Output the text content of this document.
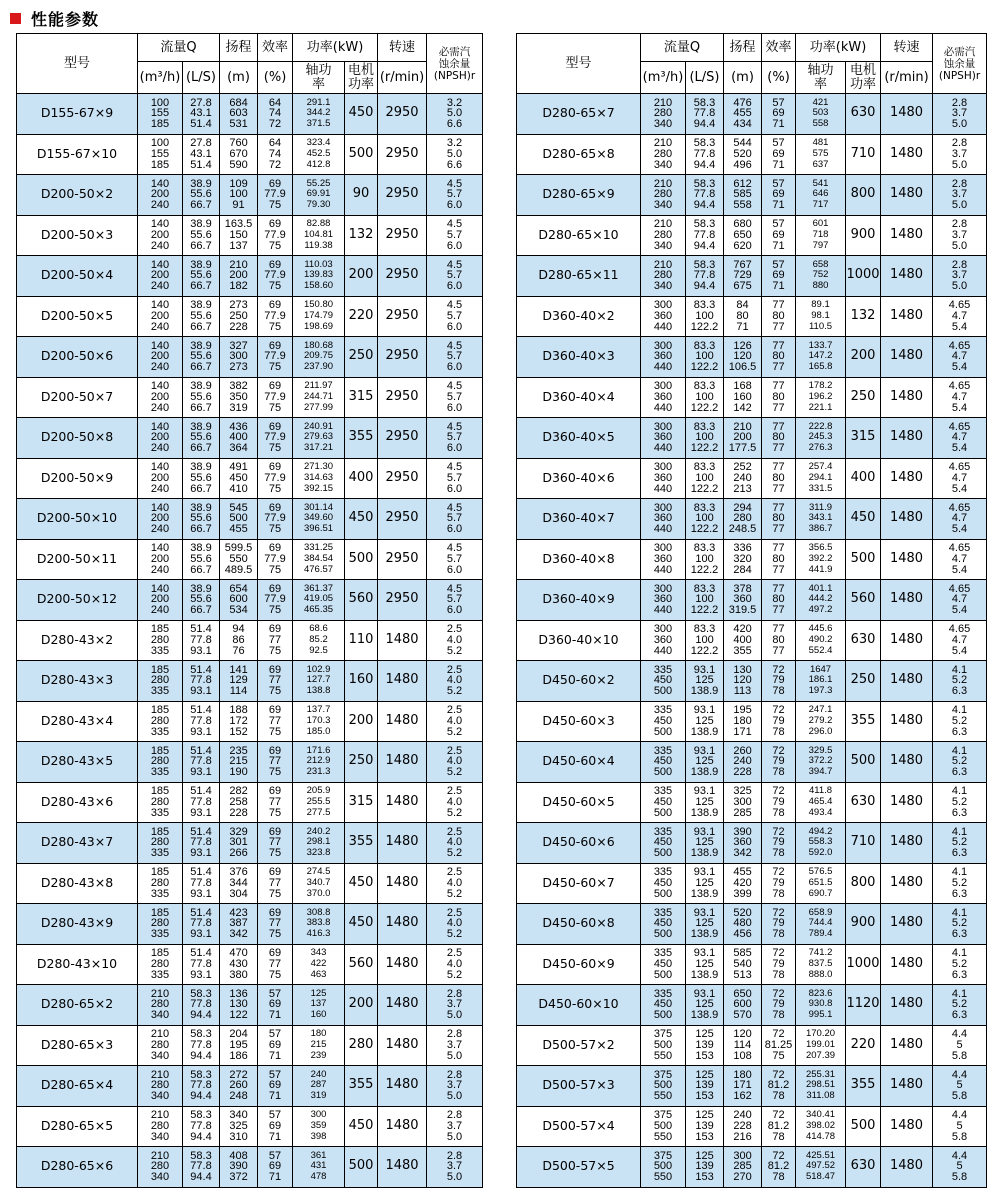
性能参数
型号	流量Q		扬程	效率	功率(kW)		转速	必需汽
蚀余量
(NPSH)r

	(m³/h)	(L/S)	(m)	(%)	轴功率	电机功率	(r/min)	
D155-67×9	100
155
185	27.8
43.1
51.4	684
603
531	64
74
72	291.1
344.2
371.5	450	2950	3.2
5.0
6.6
D155-67×10	100
155
185	27.8
43.1
51.4	760
670
590	64
74
72	323.4
452.5
412.8	500	2950	3.2
5.0
6.6
D200-50×2	140
200
240	38.9
55.6
66.7	109
100
91	69
77.9
75	55.25
69.91
79.30	90	2950	4.5
5.7
6.0
D200-50×3	140
200
240	38.9
55.6
66.7	163.5
150
137	69
77.9
75	82.88
104.81
119.38	132	2950	4.5
5.7
6.0
D200-50×4	140
200
240	38.9
55.6
66.7	210
200
182	69
77.9
75	110.03
139.83
158.60	200	2950	4.5
5.7
6.0
D200-50×5	140
200
240	38.9
55.6
66.7	273
250
228	69
77.9
75	150.80
174.79
198.69	220	2950	4.5
5.7
6.0
D200-50×6	140
200
240	38.9
55.6
66.7	327
300
273	69
77.9
75	180.68
209.75
237.90	250	2950	4.5
5.7
6.0
D200-50×7	140
200
240	38.9
55.6
66.7	382
350
319	69
77.9
75	211.97
244.71
277.99	315	2950	4.5
5.7
6.0
D200-50×8	140
200
240	38.9
55.6
66.7	436
400
364	69
77.9
75	240.91
279.63
317.21	355	2950	4.5
5.7
6.0
D200-50×9	140
200
240	38.9
55.6
66.7	491
450
410	69
77.9
75	271.30
314.63
392.15	400	2950	4.5
5.7
6.0
D200-50×10	140
200
240	38.9
55.6
66.7	545
500
455	69
77.9
75	301.14
349.60
396.51	450	2950	4.5
5.7
6.0
D200-50×11	140
200
240	38.9
55.6
66.7	599.5
550
489.5	69
77.9
75	331.25
384.54
476.57	500	2950	4.5
5.7
6.0
D200-50×12	140
200
240	38.9
55.6
66.7	654
600
534	69
77.9
75	361.37
419.05
465.35	560	2950	4.5
5.7
6.0
D280-43×2	185
280
335	51.4
77.8
93.1	94
86
76	69
77
75	68.6
85.2
92.5	110	1480	2.5
4.0
5.2
D280-43×3	185
280
335	51.4
77.8
93.1	141
129
114	69
77
75	102.9
127.7
138.8	160	1480	2.5
4.0
5.2
D280-43×4	185
280
335	51.4
77.8
93.1	188
172
152	69
77
75	137.7
170.3
185.0	200	1480	2.5
4.0
5.2
D280-43×5	185
280
335	51.4
77.8
93.1	235
215
190	69
77
75	171.6
212.9
231.3	250	1480	2.5
4.0
5.2
D280-43×6	185
280
335	51.4
77.8
93.1	282
258
228	69
77
75	205.9
255.5
277.5	315	1480	2.5
4.0
5.2
D280-43×7	185
280
335	51.4
77.8
93.1	329
301
266	69
77
75	240.2
298.1
323.8	355	1480	2.5
4.0
5.2
D280-43×8	185
280
335	51.4
77.8
93.1	376
344
304	69
77
75	274.5
340.7
370.0	450	1480	2.5
4.0
5.2
D280-43×9	185
280
335	51.4
77.8
93.1	423
387
342	69
77
75	308.8
383.8
416.3	450	1480	2.5
4.0
5.2
D280-43×10	185
280
335	51.4
77.8
93.1	470
430
380	69
77
75	343
422
463	560	1480	2.5
4.0
5.2
D280-65×2	210
280
340	58.3
77.8
94.4	136
130
122	57
69
71	125
137
160	200	1480	2.8
3.7
5.0
D280-65×3	210
280
340	58.3
77.8
94.4	204
195
186	57
69
71	180
215
239	280	1480	2.8
3.7
5.0
D280-65×4	210
280
340	58.3
77.8
94.4	272
260
248	57
69
71	240
287
319	355	1480	2.8
3.7
5.0
D280-65×5	210
280
340	58.3
77.8
94.4	340
325
310	57
69
71	300
359
398	450	1480	2.8
3.7
5.0
D280-65×6	210
280
340	58.3
77.8
94.4	408
390
372	57
69
71	361
431
478	500	1480	2.8
3.7
5.0
型号	流量Q		扬程	效率	功率(kW)		转速	必需汽
蚀余量
(NPSH)r

	(m³/h)	(L/S)	(m)	(%)	轴功率	电机功率	(r/min)	
D280-65×7	210
280
340	58.3
77.8
94.4	476
455
434	57
69
71	421
503
558	630	1480	2.8
3.7
5.0
D280-65×8	210
280
340	58.3
77.8
94.4	544
520
496	57
69
71	481
575
637	710	1480	2.8
3.7
5.0
D280-65×9	210
280
340	58.3
77.8
94.4	612
585
558	57
69
71	541
646
717	800	1480	2.8
3.7
5.0
D280-65×10	210
280
340	58.3
77.8
94.4	680
650
620	57
69
71	601
718
797	900	1480	2.8
3.7
5.0
D280-65×11	210
280
340	58.3
77.8
94.4	767
729
675	57
69
71	658
752
880	1000	1480	2.8
3.7
5.0
D360-40×2	300
360
440	83.3
100
122.2	84
80
71	77
80
77	89.1
98.1
110.5	132	1480	4.65
4.7
5.4
D360-40×3	300
360
440	83.3
100
122.2	126
120
106.5	77
80
77	133.7
147.2
165.8	200	1480	4.65
4.7
5.4
D360-40×4	300
360
440	83.3
100
122.2	168
160
142	77
80
77	178.2
196.2
221.1	250	1480	4.65
4.7
5.4
D360-40×5	300
360
440	83.3
100
122.2	210
200
177.5	77
80
77	222.8
245.3
276.3	315	1480	4.65
4.7
5.4
D360-40×6	300
360
440	83.3
100
122.2	252
240
213	77
80
77	257.4
294.1
331.5	400	1480	4.65
4.7
5.4
D360-40×7	300
360
440	83.3
100
122.2	294
280
248.5	77
80
77	311.9
343.1
386.7	450	1480	4.65
4.7
5.4
D360-40×8	300
360
440	83.3
100
122.2	336
320
284	77
80
77	356.5
392.2
441.9	500	1480	4.65
4.7
5.4
D360-40×9	300
360
440	83.3
100
122.2	378
360
319.5	77
80
77	401.1
444.2
497.2	560	1480	4.65
4.7
5.4
D360-40×10	300
360
440	83.3
100
122.2	420
400
355	77
80
77	445.6
490.2
552.4	630	1480	4.65
4.7
5.4
D450-60×2	335
450
500	93.1
125
138.9	130
120
113	72
79
78	1647
186.1
197.3	250	1480	4.1
5.2
6.3
D450-60×3	335
450
500	93.1
125
138.9	195
180
171	72
79
78	247.1
279.2
296.0	355	1480	4.1
5.2
6.3
D450-60×4	335
450
500	93.1
125
138.9	260
240
228	72
79
78	329.5
372.2
394.7	500	1480	4.1
5.2
6.3
D450-60×5	335
450
500	93.1
125
138.9	325
300
285	72
79
78	411.8
465.4
493.4	630	1480	4.1
5.2
6.3
D450-60×6	335
450
500	93.1
125
138.9	390
360
342	72
79
78	494.2
558.3
592.0	710	1480	4.1
5.2
6.3
D450-60×7	335
450
500	93.1
125
138.9	455
420
399	72
79
78	576.5
651.5
690.7	800	1480	4.1
5.2
6.3
D450-60×8	335
450
500	93.1
125
138.9	520
480
456	72
79
78	658.9
744.4
789.4	900	1480	4.1
5.2
6.3
D450-60×9	335
450
500	93.1
125
138.9	585
540
513	72
79
78	741.2
837.5
888.0	1000	1480	4.1
5.2
6.3
D450-60×10	335
450
500	93.1
125
138.9	650
600
570	72
79
78	823.6
930.8
995.1	1120	1480	4.1
5.2
6.3
D500-57×2	375
500
550	125
139
153	120
114
108	72
81.25
75	170.20
199.01
207.39	220	1480	4.4
5
5.8
D500-57×3	375
500
550	125
139
153	180
171
162	72
81.2
78	255.31
298.51
311.08	355	1480	4.4
5
5.8
D500-57×4	375
500
550	125
139
153	240
228
216	72
81.2
78	340.41
398.02
414.78	500	1480	4.4
5
5.8
D500-57×5	375
500
550	125
139
153	300
285
270	72
81.2
78	425.51
497.52
518.47	630	1480	4.4
5
5.8
